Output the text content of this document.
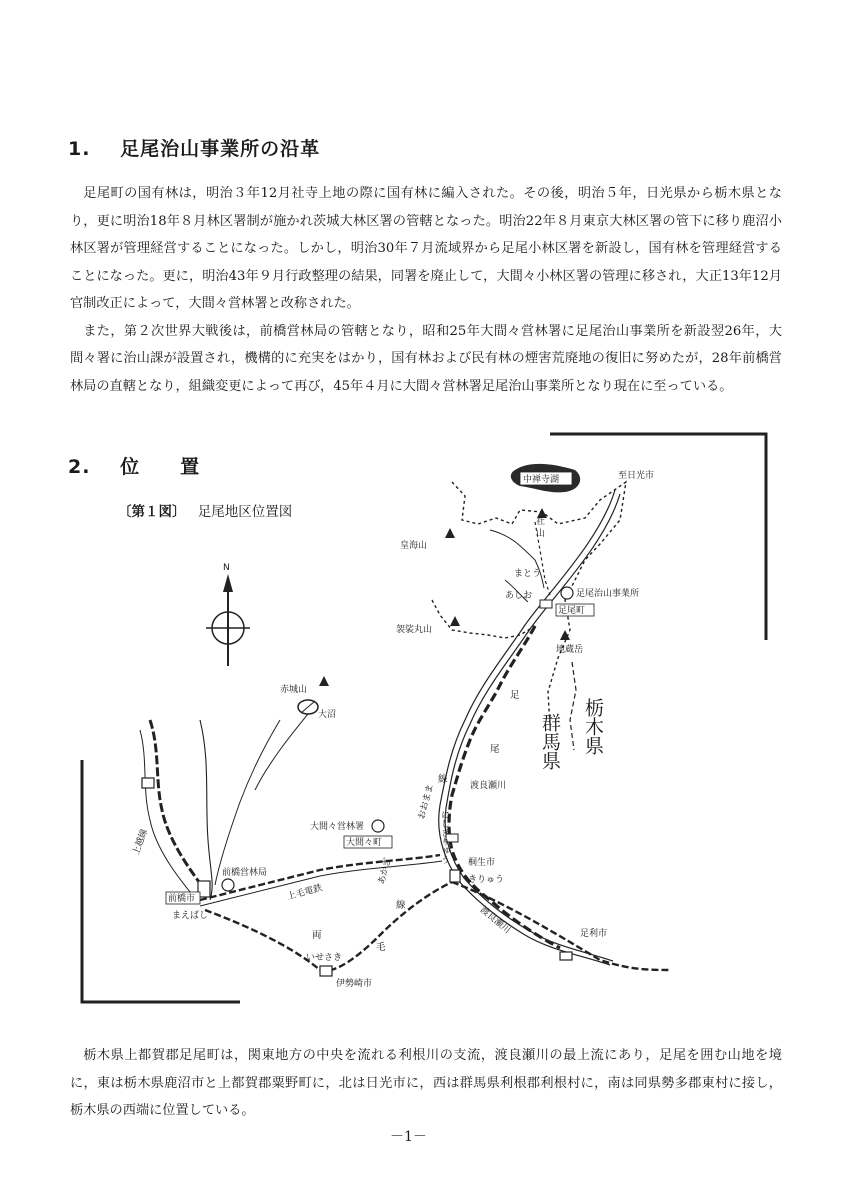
1. 足尾治山事業所の沿革

足尾町の国有林は，明治３年12月社寺上地の際に国有林に編入された。その後，明治５年，日光県から栃木県となり，更に明治18年８月林区署制が施かれ茨城大林区署の管轄となった。明治22年８月東京大林区署の管下に移り鹿沼小林区署が管理経営することになった。しかし，明治30年７月流域界から足尾小林区署を新設し，国有林を管理経営することになった。更に，明治43年９月行政整理の結果，同署を廃止して，大間々小林区署の管理に移され，大正13年12月官制改正によって，大間々営林署と改称された。

また，第２次世界大戦後は，前橋営林局の管轄となり，昭和25年大間々営林署に足尾治山事業所を新設翌26年，大間々署に治山課が設置され，機構的に充実をはかり，国有林および民有林の煙害荒廃地の復旧に努めたが，28年前橋営林局の直轄となり，組織変更によって再び，45年４月に大間々営林署足尾治山事業所となり現在に至っている。

2. 位　　置
〔第１図〕 足尾地区位置図
N
中禅寺湖	至日光市
社
山
皇海山
まとう
あしお	足尾治山事業所
足尾町
袈裟丸山
地蔵岳
赤城山
大沼
足
尾
線
群馬県 栃木県
渡良瀬川
上越線
大間々営林署
大間々町	にしきりゅう
おおまま
桐生市
きりゅう
前橋営林局
前橋市
まえばし
上毛電鉄
あかぎ
線
両
毛
いせさき
伊勢崎市
足利市
渡良瀬川

栃木県上都賀郡足尾町は，関東地方の中央を流れる利根川の支流，渡良瀬川の最上流にあり，足尾を囲む山地を境に，東は栃木県鹿沼市と上都賀郡粟野町に，北は日光市に，西は群馬県利根郡利根村に，南は同県勢多郡東村に接し，栃木県の西端に位置している。

－1－
